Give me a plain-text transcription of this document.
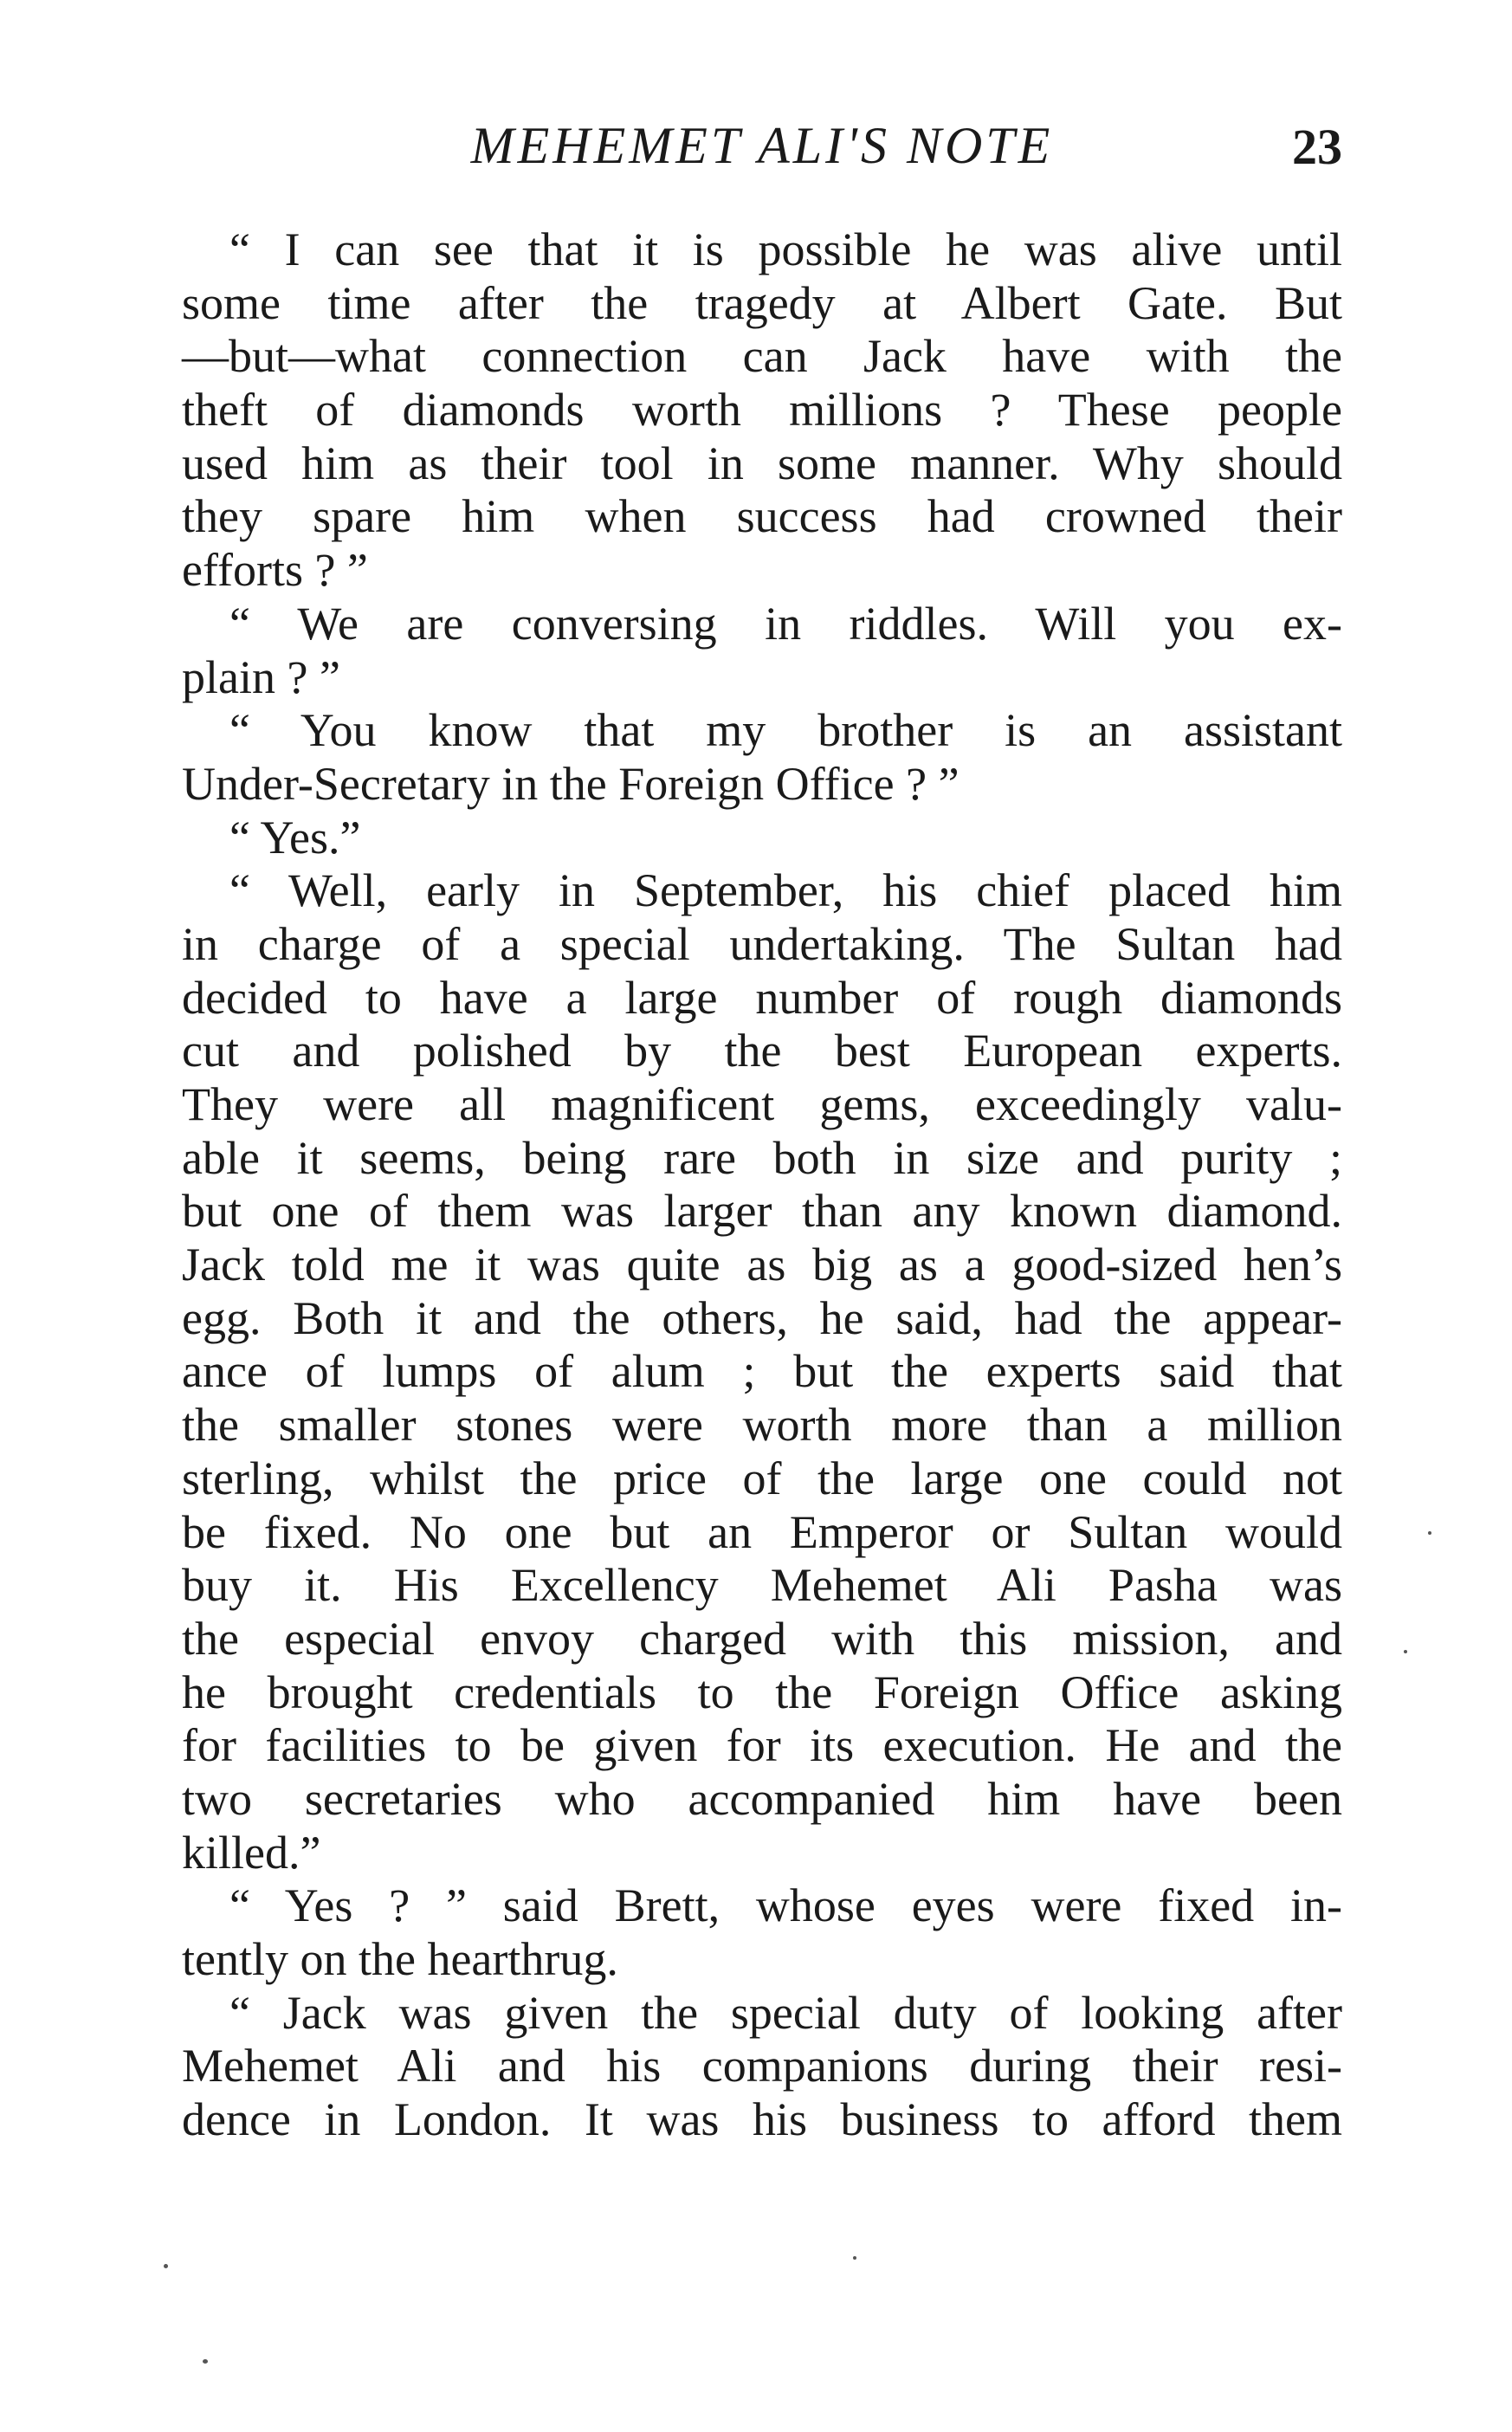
MEHEMET ALI'S NOTE	23
“ I can see that it is possible he was alive until
some time after the tragedy at Albert Gate. But
—but—what connection can Jack have with the
theft of diamonds worth millions ? These people
used him as their tool in some manner. Why should
they spare him when success had crowned their
efforts ? ”
“ We are conversing in riddles. Will you ex-
plain ? ”
“ You know that my brother is an assistant
Under-Secretary in the Foreign Office ? ”
“ Yes.”
“ Well, early in September, his chief placed him
in charge of a special undertaking. The Sultan had
decided to have a large number of rough diamonds
cut and polished by the best European experts.
They were all magnificent gems, exceedingly valu-
able it seems, being rare both in size and purity ;
but one of them was larger than any known diamond.
Jack told me it was quite as big as a good-sized hen’s
egg. Both it and the others, he said, had the appear-
ance of lumps of alum ; but the experts said that
the smaller stones were worth more than a million
sterling, whilst the price of the large one could not
be fixed. No one but an Emperor or Sultan would
buy it. His Excellency Mehemet Ali Pasha was
the especial envoy charged with this mission, and
he brought credentials to the Foreign Office asking
for facilities to be given for its execution. He and the
two secretaries who accompanied him have been
killed.”
“ Yes ? ” said Brett, whose eyes were fixed in-
tently on the hearthrug.
“ Jack was given the special duty of looking after
Mehemet Ali and his companions during their resi-
dence in London. It was his business to afford them
